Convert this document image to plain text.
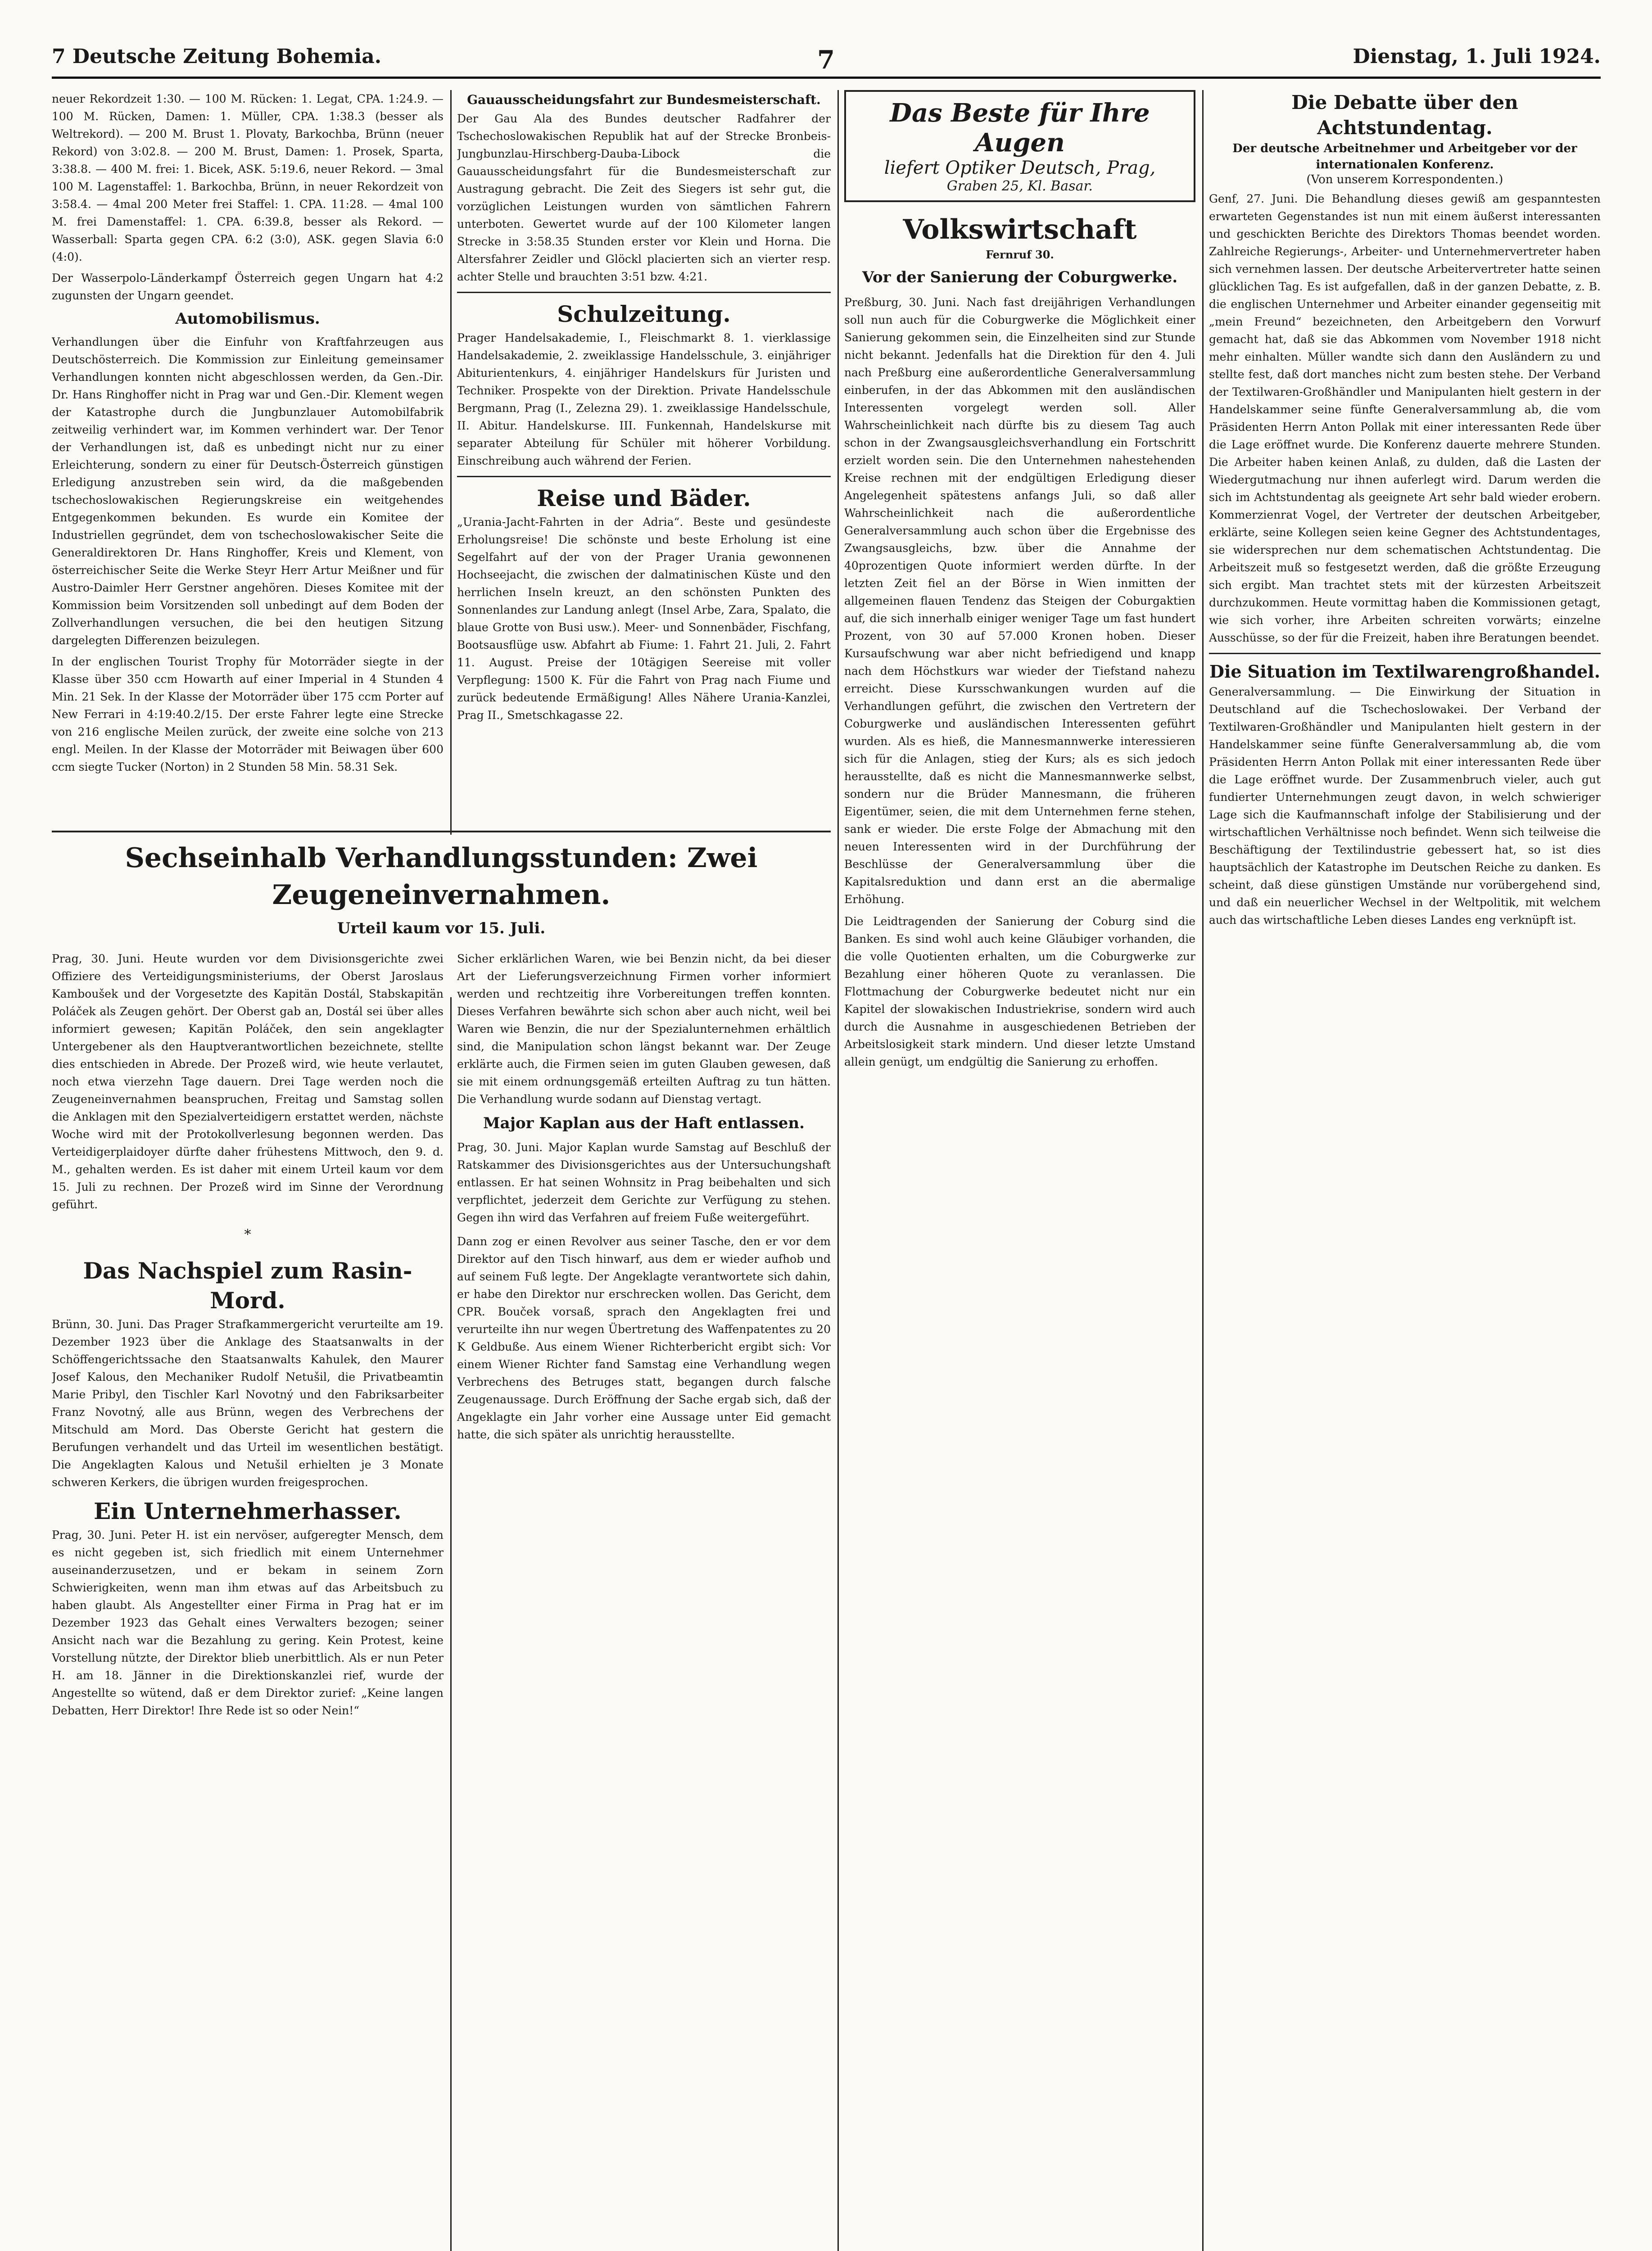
7 Deutsche Zeitung Bohemia.	7	Dienstag, 1. Juli 1924.

neuer Rekordzeit 1:30. — 100 M. Rücken: 1. Legat, CPA. 1:24.9. — 100 M. Rücken, Damen: 1. Müller, CPA. 1:38.3 (besser als Weltrekord). — 200 M. Brust 1. Plovaty, Barkochba, Brünn (neuer Rekord) von 3:02.8. — 200 M. Brust, Damen: 1. Prosek, Sparta, 3:38.8. — 400 M. frei: 1. Bicek, ASK. 5:19.6, neuer Rekord. — 3mal 100 M. Lagenstaffel: 1. Barkochba, Brünn, in neuer Rekordzeit von 3:58.4. — 4mal 200 Meter frei Staffel: 1. CPA. 11:28. — 4mal 100 M. frei Damenstaffel: 1. CPA. 6:39.8, besser als Rekord. — Wasserball: Sparta gegen CPA. 6:2 (3:0), ASK. gegen Slavia 6:0 (4:0).

Der Wasserpolo-Länderkampf Österreich gegen Ungarn hat 4:2 zugunsten der Ungarn geendet.

Automobilismus.

Verhandlungen über die Einfuhr von Kraftfahrzeugen aus Deutschösterreich. Die Kommission zur Einleitung gemeinsamer Verhandlungen konnten nicht abgeschlossen werden, da Gen.-Dir. Dr. Hans Ringhoffer nicht in Prag war und Gen.-Dir. Klement wegen der Katastrophe durch die Jungbunzlauer Automobilfabrik zeitweilig verhindert war, im Kommen verhindert war. Der Tenor der Verhandlungen ist, daß es unbedingt nicht nur zu einer Erleichterung, sondern zu einer für Deutsch-Österreich günstigen Erledigung anzustreben sein wird, da die maßgebenden tschechoslowakischen Regierungskreise ein weitgehendes Entgegenkommen bekunden. Es wurde ein Komitee der Industriellen gegründet, dem von tschechoslowakischer Seite die Generaldirektoren Dr. Hans Ringhoffer, Kreis und Klement, von österreichischer Seite die Werke Steyr Herr Artur Meißner und für Austro-Daimler Herr Gerstner angehören. Dieses Komitee mit der Kommission beim Vorsitzenden soll unbedingt auf dem Boden der Zollverhandlungen versuchen, die bei den heutigen Sitzung dargelegten Differenzen beizulegen.

In der englischen Tourist Trophy für Motorräder siegte in der Klasse über 350 ccm Howarth auf einer Imperial in 4 Stunden 4 Min. 21 Sek. In der Klasse der Motorräder über 175 ccm Porter auf New Ferrari in 4:19:40.2/15. Der erste Fahrer legte eine Strecke von 216 englische Meilen zurück, der zweite eine solche von 213 engl. Meilen. In der Klasse der Motorräder mit Beiwagen über 600 ccm siegte Tucker (Norton) in 2 Stunden 58 Min. 58.31 Sek.

Gauausscheidungsfahrt zur Bundesmeisterschaft.

Der Gau Ala des Bundes deutscher Radfahrer der Tschechoslowakischen Republik hat auf der Strecke Bronbeis-Jungbunzlau-Hirschberg-Dauba-Libock die Gauausscheidungsfahrt für die Bundesmeisterschaft zur Austragung gebracht. Die Zeit des Siegers ist sehr gut, die vorzüglichen Leistungen wurden von sämtlichen Fahrern unterboten. Gewertet wurde auf der 100 Kilometer langen Strecke in 3:58.35 Stunden erster vor Klein und Horna. Die Altersfahrer Zeidler und Glöckl placierten sich an vierter resp. achter Stelle und brauchten 3:51 bzw. 4:21.

Schulzeitung.

Prager Handelsakademie, I., Fleischmarkt 8. 1. vierklassige Handelsakademie, 2. zweiklassige Handelsschule, 3. einjähriger Abiturientenkurs, 4. einjähriger Handelskurs für Juristen und Techniker. Prospekte von der Direktion. Private Handelsschule Bergmann, Prag (I., Zelezna 29). 1. zweiklassige Handelsschule, II. Abitur. Handelskurse. III. Funkennah, Handelskurse mit separater Abteilung für Schüler mit höherer Vorbildung. Einschreibung auch während der Ferien.

Reise und Bäder.

„Urania-Jacht-Fahrten in der Adria“. Beste und gesündeste Erholungsreise! Die schönste und beste Erholung ist eine Segelfahrt auf der von der Prager Urania gewonnenen Hochseejacht, die zwischen der dalmatinischen Küste und den herrlichen Inseln kreuzt, an den schönsten Punkten des Sonnenlandes zur Landung anlegt (Insel Arbe, Zara, Spalato, die blaue Grotte von Busi usw.). Meer- und Sonnenbäder, Fischfang, Bootsausflüge usw. Abfahrt ab Fiume: 1. Fahrt 21. Juli, 2. Fahrt 11. August. Preise der 10tägigen Seereise mit voller Verpflegung: 1500 K. Für die Fahrt von Prag nach Fiume und zurück bedeutende Ermäßigung! Alles Nähere Urania-Kanzlei, Prag II., Smetschkagasse 22.

Sechseinhalb Verhandlungsstunden: Zwei Zeugeneinvernahmen.
Urteil kaum vor 15. Juli.

Prag, 30. Juni. Heute wurden vor dem Divisionsgerichte zwei Offiziere des Verteidigungsministeriums, der Oberst Jaroslaus Kamboušek und der Vorgesetzte des Kapitän Dostál, Stabskapitän Poláček als Zeugen gehört. Der Oberst gab an, Dostál sei über alles informiert gewesen; Kapitän Poláček, den sein angeklagter Untergebener als den Hauptverantwortlichen bezeichnete, stellte dies entschieden in Abrede. Der Prozeß wird, wie heute verlautet, noch etwa vierzehn Tage dauern. Drei Tage werden noch die Zeugeneinvernahmen beanspruchen, Freitag und Samstag sollen die Anklagen mit den Spezialverteidigern erstattet werden, nächste Woche wird mit der Protokollverlesung begonnen werden. Das Verteidigerplaidoyer dürfte daher frühestens Mittwoch, den 9. d. M., gehalten werden. Es ist daher mit einem Urteil kaum vor dem 15. Juli zu rechnen. Der Prozeß wird im Sinne der Verordnung geführt.

*

Das Nachspiel zum Rasin-Mord.

Brünn, 30. Juni. Das Prager Strafkammergericht verurteilte am 19. Dezember 1923 über die Anklage des Staatsanwalts in der Schöffengerichtssache den Staatsanwalts Kahulek, den Maurer Josef Kalous, den Mechaniker Rudolf Netušil, die Privatbeamtin Marie Pribyl, den Tischler Karl Novotný und den Fabriksarbeiter Franz Novotný, alle aus Brünn, wegen des Verbrechens der Mitschuld am Mord. Das Oberste Gericht hat gestern die Berufungen verhandelt und das Urteil im wesentlichen bestätigt. Die Angeklagten Kalous und Netušil erhielten je 3 Monate schweren Kerkers, die übrigen wurden freigesprochen.

Ein Unternehmerhasser.

Prag, 30. Juni. Peter H. ist ein nervöser, aufgeregter Mensch, dem es nicht gegeben ist, sich friedlich mit einem Unternehmer auseinanderzusetzen, und er bekam in seinem Zorn Schwierigkeiten, wenn man ihm etwas auf das Arbeitsbuch zu haben glaubt. Als Angestellter einer Firma in Prag hat er im Dezember 1923 das Gehalt eines Verwalters bezogen; seiner Ansicht nach war die Bezahlung zu gering. Kein Protest, keine Vorstellung nützte, der Direktor blieb unerbittlich. Als er nun Peter H. am 18. Jänner in die Direktionskanzlei rief, wurde der Angestellte so wütend, daß er dem Direktor zurief: „Keine langen Debatten, Herr Direktor! Ihre Rede ist so oder Nein!“

Sicher erklärlichen Waren, wie bei Benzin nicht, da bei dieser Art der Lieferungsverzeichnung Firmen vorher informiert werden und rechtzeitig ihre Vorbereitungen treffen konnten. Dieses Verfahren bewährte sich schon aber auch nicht, weil bei Waren wie Benzin, die nur der Spezialunternehmen erhältlich sind, die Manipulation schon längst bekannt war. Der Zeuge erklärte auch, die Firmen seien im guten Glauben gewesen, daß sie mit einem ordnungsgemäß erteilten Auftrag zu tun hätten. Die Verhandlung wurde sodann auf Dienstag vertagt.

Major Kaplan aus der Haft entlassen.

Prag, 30. Juni. Major Kaplan wurde Samstag auf Beschluß der Ratskammer des Divisionsgerichtes aus der Untersuchungshaft entlassen. Er hat seinen Wohnsitz in Prag beibehalten und sich verpflichtet, jederzeit dem Gerichte zur Verfügung zu stehen. Gegen ihn wird das Verfahren auf freiem Fuße weitergeführt.

Dann zog er einen Revolver aus seiner Tasche, den er vor dem Direktor auf den Tisch hinwarf, aus dem er wieder aufhob und auf seinem Fuß legte. Der Angeklagte verantwortete sich dahin, er habe den Direktor nur erschrecken wollen. Das Gericht, dem CPR. Bouček vorsaß, sprach den Angeklagten frei und verurteilte ihn nur wegen Übertretung des Waffenpatentes zu 20 K Geldbuße. Aus einem Wiener Richterbericht ergibt sich: Vor einem Wiener Richter fand Samstag eine Verhandlung wegen Verbrechens des Betruges statt, begangen durch falsche Zeugenaussage. Durch Eröffnung der Sache ergab sich, daß der Angeklagte ein Jahr vorher eine Aussage unter Eid gemacht hatte, die sich später als unrichtig herausstellte.

Das Beste für Ihre Augen
liefert Optiker Deutsch, Prag,
Graben 25, Kl. Basar.

Volkswirtschaft

Fernruf 30.

Vor der Sanierung der Coburgwerke.

Preßburg, 30. Juni. Nach fast dreijährigen Verhandlungen soll nun auch für die Coburgwerke die Möglichkeit einer Sanierung gekommen sein, die Einzelheiten sind zur Stunde nicht bekannt. Jedenfalls hat die Direktion für den 4. Juli nach Preßburg eine außerordentliche Generalversammlung einberufen, in der das Abkommen mit den ausländischen Interessenten vorgelegt werden soll. Aller Wahrscheinlichkeit nach dürfte bis zu diesem Tag auch schon in der Zwangsausgleichsverhandlung ein Fortschritt erzielt worden sein. Die den Unternehmen nahestehenden Kreise rechnen mit der endgültigen Erledigung dieser Angelegenheit spätestens anfangs Juli, so daß aller Wahrscheinlichkeit nach die außerordentliche Generalversammlung auch schon über die Ergebnisse des Zwangsausgleichs, bzw. über die Annahme der 40prozentigen Quote informiert werden dürfte. In der letzten Zeit fiel an der Börse in Wien inmitten der allgemeinen flauen Tendenz das Steigen der Coburgaktien auf, die sich innerhalb einiger weniger Tage um fast hundert Prozent, von 30 auf 57.000 Kronen hoben. Dieser Kursaufschwung war aber nicht befriedigend und knapp nach dem Höchstkurs war wieder der Tiefstand nahezu erreicht. Diese Kursschwankungen wurden auf die Verhandlungen geführt, die zwischen den Vertretern der Coburgwerke und ausländischen Interessenten geführt wurden. Als es hieß, die Mannesmannwerke interessieren sich für die Anlagen, stieg der Kurs; als es sich jedoch herausstellte, daß es nicht die Mannesmannwerke selbst, sondern nur die Brüder Mannesmann, die früheren Eigentümer, seien, die mit dem Unternehmen ferne stehen, sank er wieder. Die erste Folge der Abmachung mit den neuen Interessenten wird in der Durchführung der Beschlüsse der Generalversammlung über die Kapitalsreduktion und dann erst an die abermalige Erhöhung.

Die Leidtragenden der Sanierung der Coburg sind die Banken. Es sind wohl auch keine Gläubiger vorhanden, die die volle Quotienten erhalten, um die Coburgwerke zur Bezahlung einer höheren Quote zu veranlassen. Die Flottmachung der Coburgwerke bedeutet nicht nur ein Kapitel der slowakischen Industriekrise, sondern wird auch durch die Ausnahme in ausgeschiedenen Betrieben der Arbeitslosigkeit stark mindern. Und dieser letzte Umstand allein genügt, um endgültig die Sanierung zu erhoffen.

Die Debatte über den Achtstundentag.

Der deutsche Arbeitnehmer und Arbeitgeber vor der internationalen Konferenz.

(Von unserem Korrespondenten.)

Genf, 27. Juni. Die Behandlung dieses gewiß am gespanntesten erwarteten Gegenstandes ist nun mit einem äußerst interessanten und geschickten Berichte des Direktors Thomas beendet worden. Zahlreiche Regierungs-, Arbeiter- und Unternehmervertreter haben sich vernehmen lassen. Der deutsche Arbeitervertreter hatte seinen glücklichen Tag. Es ist aufgefallen, daß in der ganzen Debatte, z. B. die englischen Unternehmer und Arbeiter einander gegenseitig mit „mein Freund“ bezeichneten, den Arbeitgebern den Vorwurf gemacht hat, daß sie das Abkommen vom November 1918 nicht mehr einhalten. Müller wandte sich dann den Ausländern zu und stellte fest, daß dort manches nicht zum besten stehe. Der Verband der Textilwaren-Großhändler und Manipulanten hielt gestern in der Handelskammer seine fünfte Generalversammlung ab, die vom Präsidenten Herrn Anton Pollak mit einer interessanten Rede über die Lage eröffnet wurde. Die Konferenz dauerte mehrere Stunden. Die Arbeiter haben keinen Anlaß, zu dulden, daß die Lasten der Wiedergutmachung nur ihnen auferlegt wird. Darum werden die sich im Achtstundentag als geeignete Art sehr bald wieder erobern. Kommerzienrat Vogel, der Vertreter der deutschen Arbeitgeber, erklärte, seine Kollegen seien keine Gegner des Achtstundentages, sie widersprechen nur dem schematischen Achtstundentag. Die Arbeitszeit muß so festgesetzt werden, daß die größte Erzeugung sich ergibt. Man trachtet stets mit der kürzesten Arbeitszeit durchzukommen. Heute vormittag haben die Kommissionen getagt, wie sich vorher, ihre Arbeiten schreiten vorwärts; einzelne Ausschüsse, so der für die Freizeit, haben ihre Beratungen beendet.

Die Situation im Textilwarengroßhandel.

Generalversammlung. — Die Einwirkung der Situation in Deutschland auf die Tschechoslowakei. Der Verband der Textilwaren-Großhändler und Manipulanten hielt gestern in der Handelskammer seine fünfte Generalversammlung ab, die vom Präsidenten Herrn Anton Pollak mit einer interessanten Rede über die Lage eröffnet wurde. Der Zusammenbruch vieler, auch gut fundierter Unternehmungen zeugt davon, in welch schwieriger Lage sich die Kaufmannschaft infolge der Stabilisierung und der wirtschaftlichen Verhältnisse noch befindet. Wenn sich teilweise die Beschäftigung der Textilindustrie gebessert hat, so ist dies hauptsächlich der Katastrophe im Deutschen Reiche zu danken. Es scheint, daß diese günstigen Umstände nur vorübergehend sind, und daß ein neuerlicher Wechsel in der Weltpolitik, mit welchem auch das wirtschaftliche Leben dieses Landes eng verknüpft ist.
